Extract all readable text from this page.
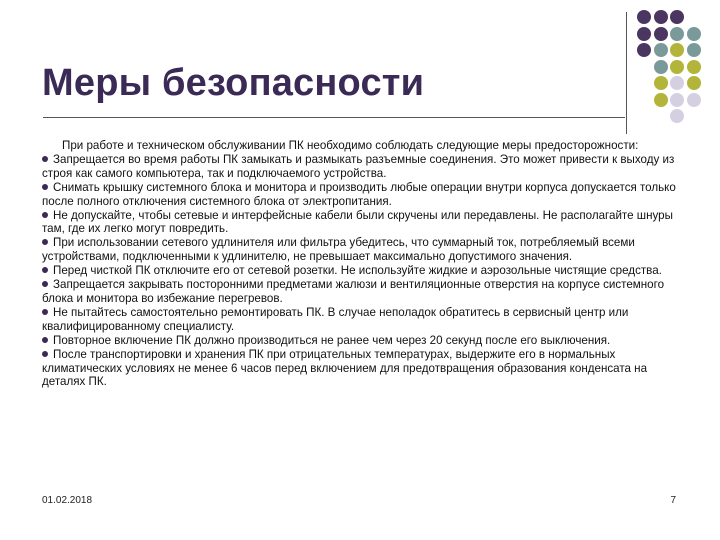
Меры безопасности

При работе и техническом обслуживании ПК необходимо соблюдать следующие меры предосторожности:

Запрещается во время работы ПК замыкать и размыкать разъемные соединения. Это может привести к выходу из строя как самого компьютера, так и подключаемого устройства.
Снимать крышку системного блока и монитора и производить любые операции внутри корпуса допускается только после полного отключения системного блока от электропитания.
Не допускайте, чтобы сетевые и интерфейсные кабели были скручены или передавлены. Не располагайте шнуры там, где их легко могут повредить.
При использовании сетевого удлинителя или фильтра убедитесь, что суммарный ток, потребляемый всеми устройствами, подключенными к удлинителю, не превышает максимально допустимого значения.
Перед чисткой ПК отключите его от сетевой розетки. Не используйте жидкие и аэрозольные чистящие средства.
Запрещается закрывать посторонними предметами жалюзи и вентиляционные отверстия на корпусе системного блока и монитора во избежание перегревов.
Не пытайтесь самостоятельно ремонтировать ПК. В случае неполадок обратитесь в сервисный центр или квалифицированному специалисту.
Повторное включение ПК должно производиться не ранее чем через 20 секунд после его выключения.
После транспортировки и хранения ПК при отрицательных температурах, выдержите его в нормальных климатических условиях не менее 6 часов перед включением для предотвращения образования конденсата на деталях ПК.
01.02.2018	7
